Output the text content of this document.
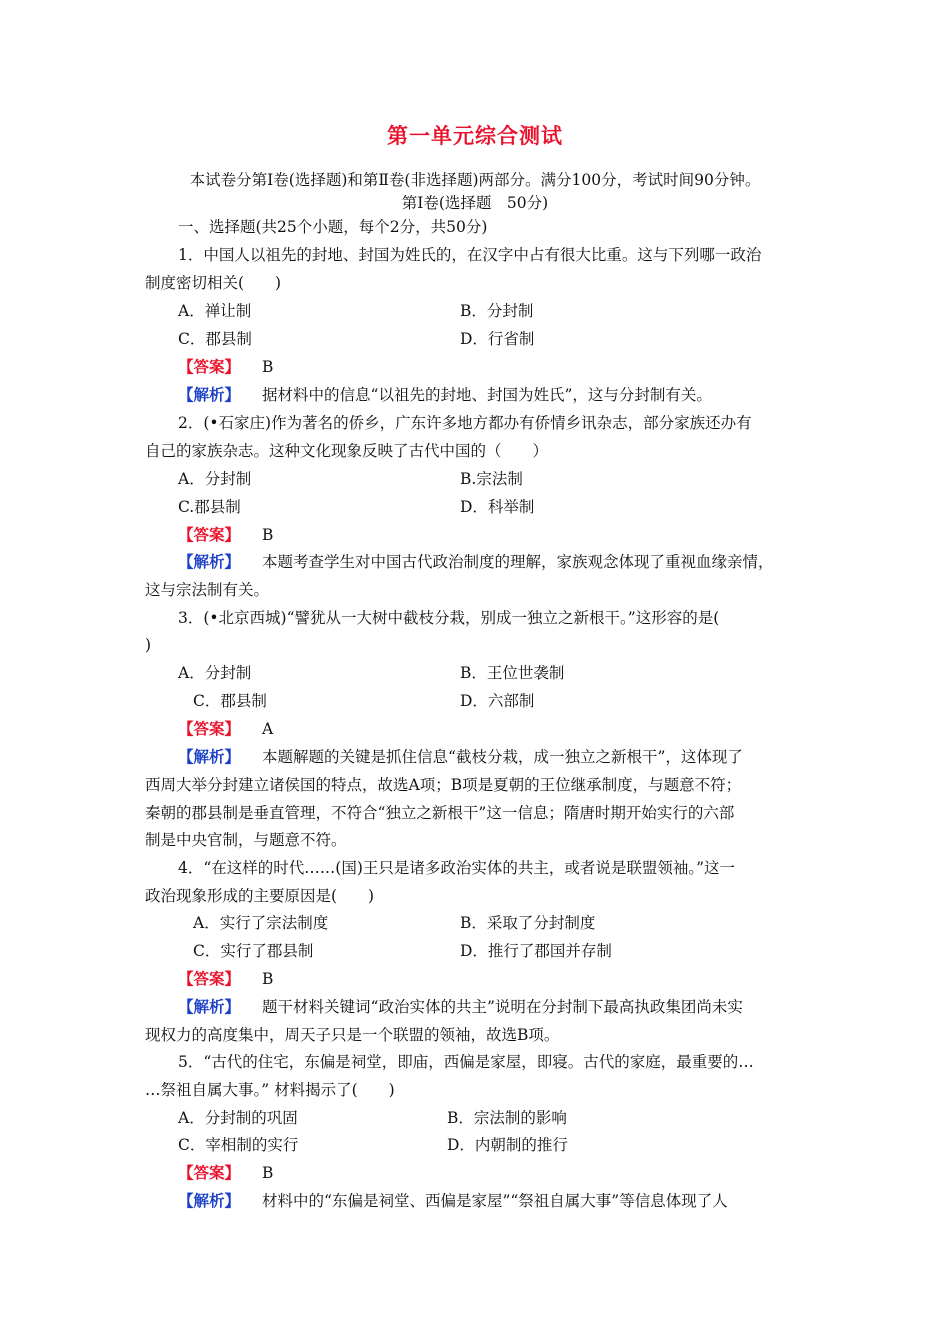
第一单元综合测试
本试卷分第Ⅰ卷(选择题)和第Ⅱ卷(非选择题)两部分。满分100分，考试时间90分钟。
第Ⅰ卷(选择题　50分)
一、选择题(共25个小题，每个2分，共50分)
1．中国人以祖先的封地、封国为姓氏的，在汉字中占有很大比重。这与下列哪一政治
制度密切相关(　　)
A．禅让制	B．分封制
C．郡县制	D．行省制
【答案】 B
【解析】 据材料中的信息“以祖先的封地、封国为姓氏”，这与分封制有关。
2．(•石家庄)作为著名的侨乡，广东许多地方都办有侨情乡讯杂志，部分家族还办有
自己的家族杂志。这种文化现象反映了古代中国的（　　）
A．分封制	B.宗法制
C.郡县制	D．科举制
【答案】 B
【解析】 本题考查学生对中国古代政治制度的理解，家族观念体现了重视血缘亲情，
这与宗法制有关。
3．(•北京西城)“譬犹从一大树中截枝分栽，别成一独立之新根干。”这形容的是(
)
A．分封制	B．王位世袭制
C．郡县制	D．六部制
【答案】 A
【解析】 本题解题的关键是抓住信息“截枝分栽，成一独立之新根干”，这体现了
西周大举分封建立诸侯国的特点，故选A项；B项是夏朝的王位继承制度，与题意不符；
秦朝的郡县制是垂直管理，不符合“独立之新根干”这一信息；隋唐时期开始实行的六部
制是中央官制，与题意不符。
4．“在这样的时代……(国)王只是诸多政治实体的共主，或者说是联盟领袖。”这一
政治现象形成的主要原因是(　　)
A．实行了宗法制度	B．采取了分封制度
C．实行了郡县制	D．推行了郡国并存制
【答案】 B
【解析】 题干材料关键词“政治实体的共主”说明在分封制下最高执政集团尚未实
现权力的高度集中，周天子只是一个联盟的领袖，故选B项。
5．“古代的住宅，东偏是祠堂，即庙，西偏是家屋，即寝。古代的家庭，最重要的…
…祭祖自属大事。” 材料揭示了(　　)
A．分封制的巩固	B．宗法制的影响
C．宰相制的实行	D．内朝制的推行
【答案】 B
【解析】 材料中的“东偏是祠堂、西偏是家屋”“祭祖自属大事”等信息体现了人
